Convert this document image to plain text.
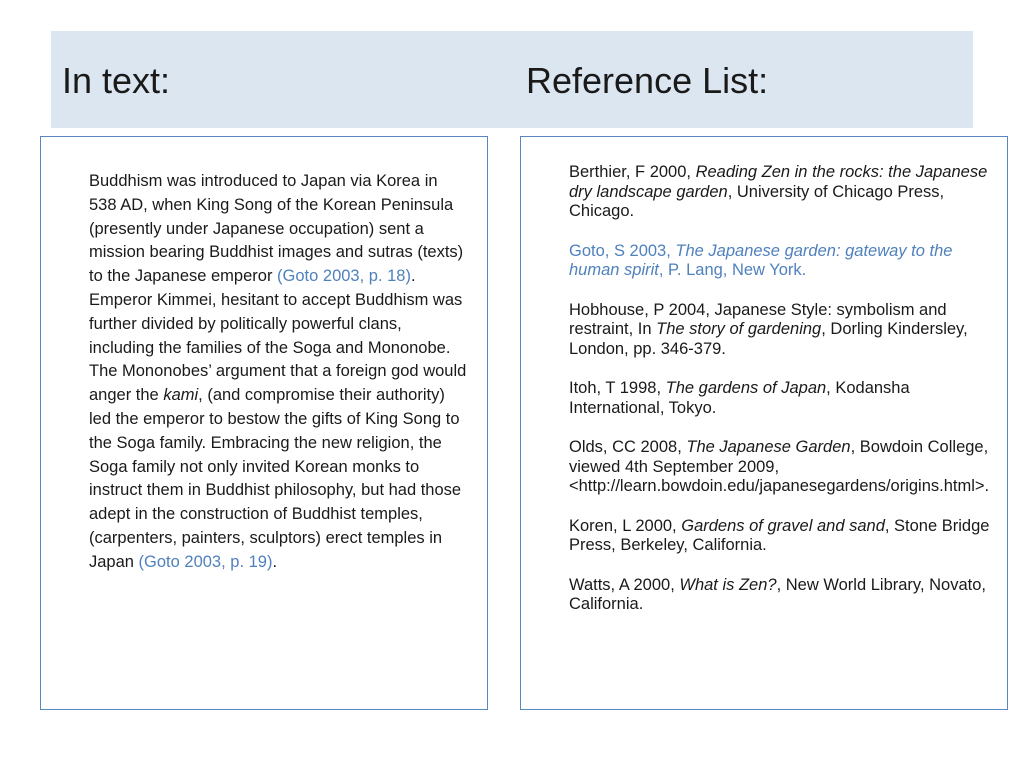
In text:	Reference List:

Buddhism was introduced to Japan via Korea in 538 AD, when King Song of the Korean Peninsula (presently under Japanese occupation) sent a mission bearing Buddhist images and sutras (texts) to the Japanese emperor (Goto 2003, p. 18). Emperor Kimmei, hesitant to accept Buddhism was further divided by politically powerful clans, including the families of the Soga and Mononobe. The Mononobes’ argument that a foreign god would anger the kami, (and compromise their authority) led the emperor to bestow the gifts of King Song to the Soga family. Embracing the new religion, the Soga family not only invited Korean monks to instruct them in Buddhist philosophy, but had those adept in the construction of Buddhist temples, (carpenters, painters, sculptors) erect temples in Japan (Goto 2003, p. 19).

Berthier, F 2000, Reading Zen in the rocks: the Japanese dry landscape garden, University of Chicago Press, Chicago.

Goto, S 2003, The Japanese garden: gateway to the human spirit, P. Lang, New York.

Hobhouse, P 2004, Japanese Style: symbolism and restraint, In The story of gardening, Dorling Kindersley, London, pp. 346-379.

Itoh, T 1998, The gardens of Japan, Kodansha International, Tokyo.

Olds, CC 2008, The Japanese Garden, Bowdoin College, viewed 4th September 2009, <http://learn.bowdoin.edu/japanesegardens/origins.html>.

Koren, L 2000, Gardens of gravel and sand, Stone Bridge Press, Berkeley, California.

Watts, A 2000, What is Zen?, New World Library, Novato, California.
